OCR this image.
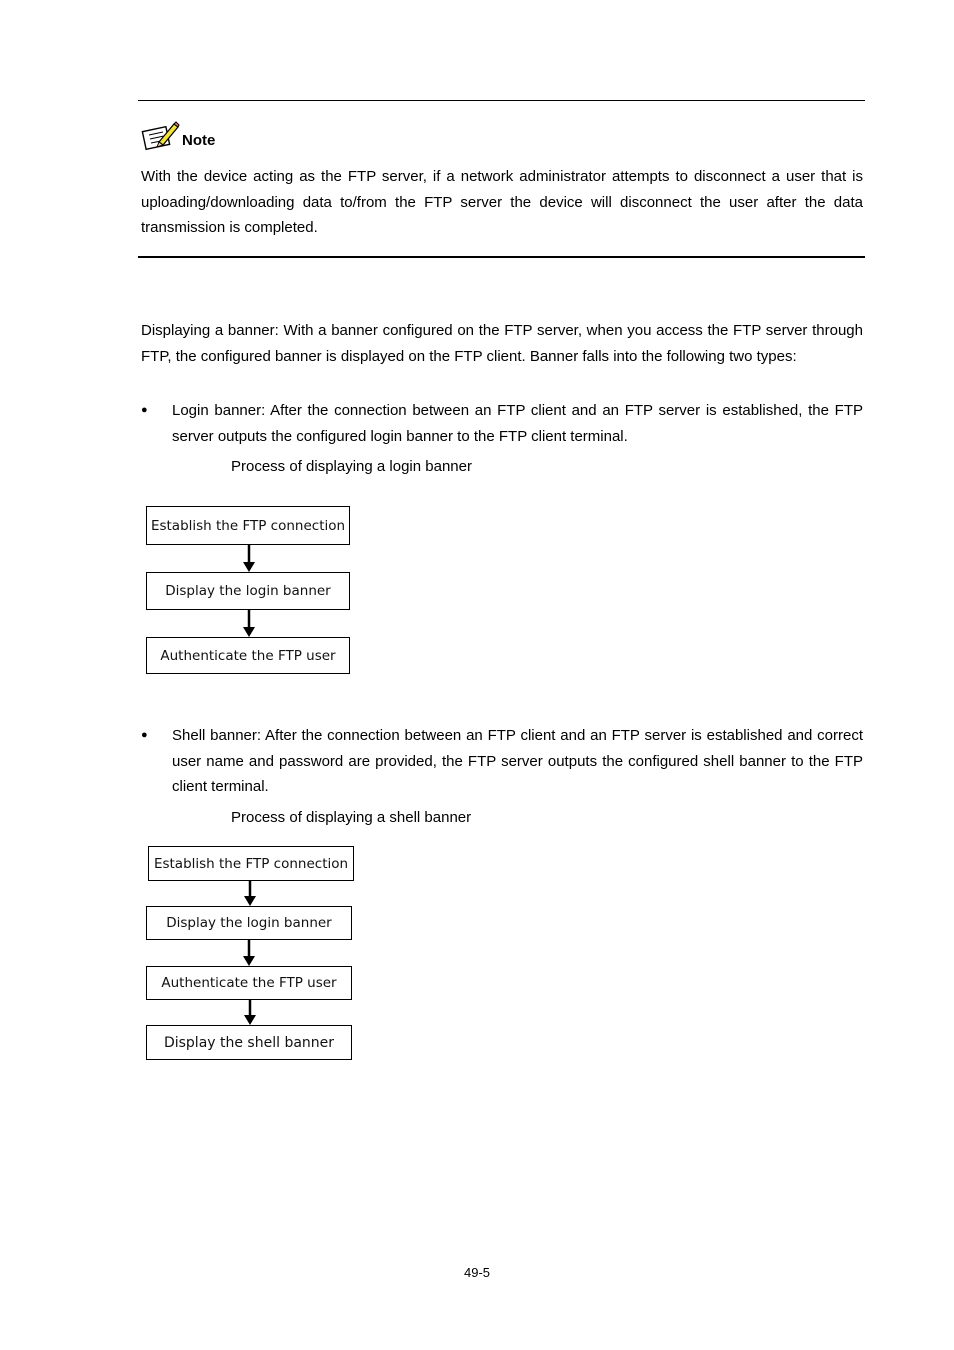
Note
With the device acting as the FTP server, if a network administrator attempts to disconnect a user that is uploading/downloading data to/from the FTP server the device will disconnect the user after the data transmission is completed.
Displaying a banner: With a banner configured on the FTP server, when you access the FTP server through FTP, the configured banner is displayed on the FTP client. Banner falls into the following two types:
● Login banner: After the connection between an FTP client and an FTP server is established, the FTP server outputs the configured login banner to the FTP client terminal.
Process of displaying a login banner
Establish the FTP connection
Display the login banner
Authenticate the FTP user
● Shell banner: After the connection between an FTP client and an FTP server is established and correct user name and password are provided, the FTP server outputs the configured shell banner to the FTP client terminal.
Process of displaying a shell banner
Establish the FTP connection
Display the login banner
Authenticate the FTP user
Display the shell banner
49-5
